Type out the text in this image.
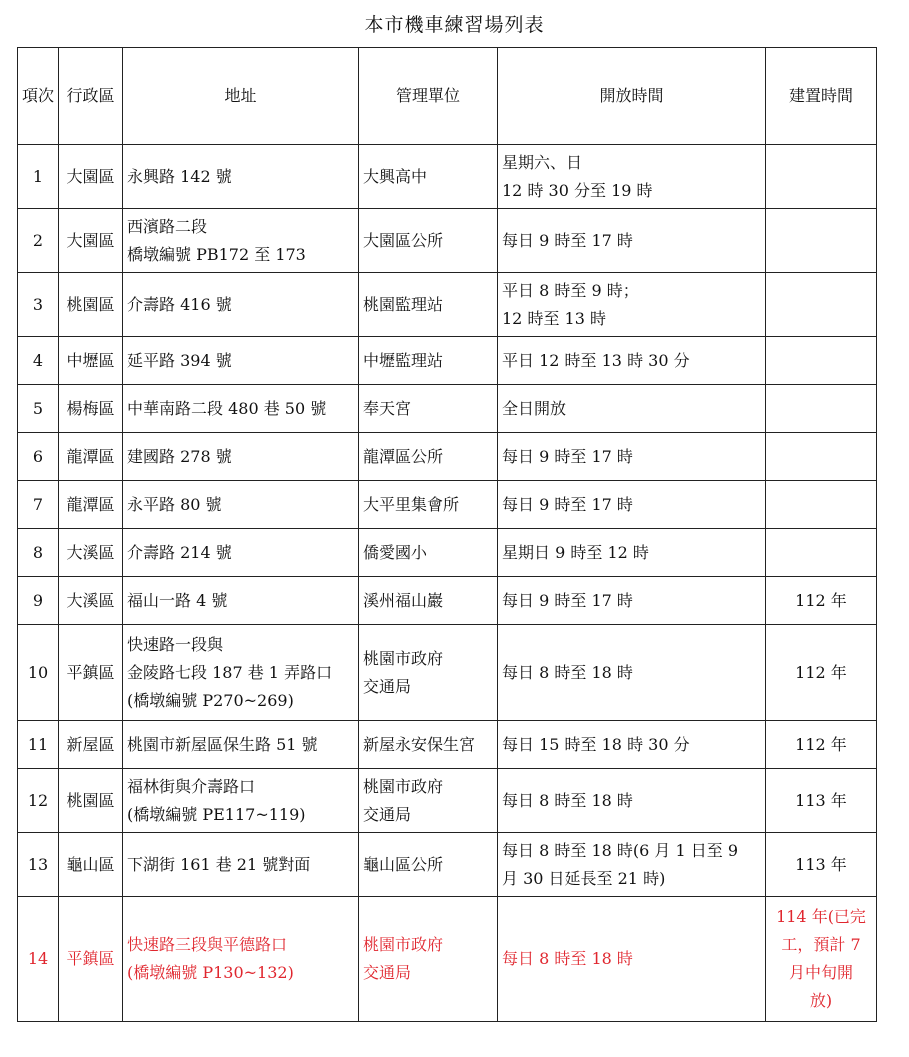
本市機車練習場列表
項次	行政區	地址	管理單位	開放時間	建置時間
1	大園區	永興路 142 號	大興高中	星期六、日
12 時 30 分至 19 時	

2	大園區	西濱路二段
橋墩編號 PB172 至 173	大園區公所	每日 9 時至 17 時	

3	桃園區	介壽路 416 號	桃園監理站	平日 8 時至 9 時；
12 時至 13 時	

4	中壢區	延平路 394 號	中壢監理站	平日 12 時至 13 時 30 分	

5	楊梅區	中華南路二段 480 巷 50 號	奉天宮	全日開放	

6	龍潭區	建國路 278 號	龍潭區公所	每日 9 時至 17 時	

7	龍潭區	永平路 80 號	大平里集會所	每日 9 時至 17 時	

8	大溪區	介壽路 214 號	僑愛國小	星期日 9 時至 12 時	

9	大溪區	福山一路 4 號	溪州福山巖	每日 9 時至 17 時	112 年

10	平鎮區	快速路一段與
金陵路七段 187 巷 1 弄路口
(橋墩編號 P270~269)	桃園市政府
交通局	每日 8 時至 18 時	112 年

11	新屋區	桃園市新屋區保生路 51 號	新屋永安保生宮	每日 15 時至 18 時 30 分	112 年

12	桃園區	福林街與介壽路口
(橋墩編號 PE117~119)	桃園市政府
交通局	每日 8 時至 18 時	113 年

13	龜山區	下湖街 161 巷 21 號對面	龜山區公所	每日 8 時至 18 時(6 月 1 日至 9
月 30 日延長至 21 時)	113 年

14	平鎮區	快速路三段與平德路口
(橋墩編號 P130~132)	桃園市政府
交通局	每日 8 時至 18 時	114 年(已完
工，預計 7
月中旬開
放)
